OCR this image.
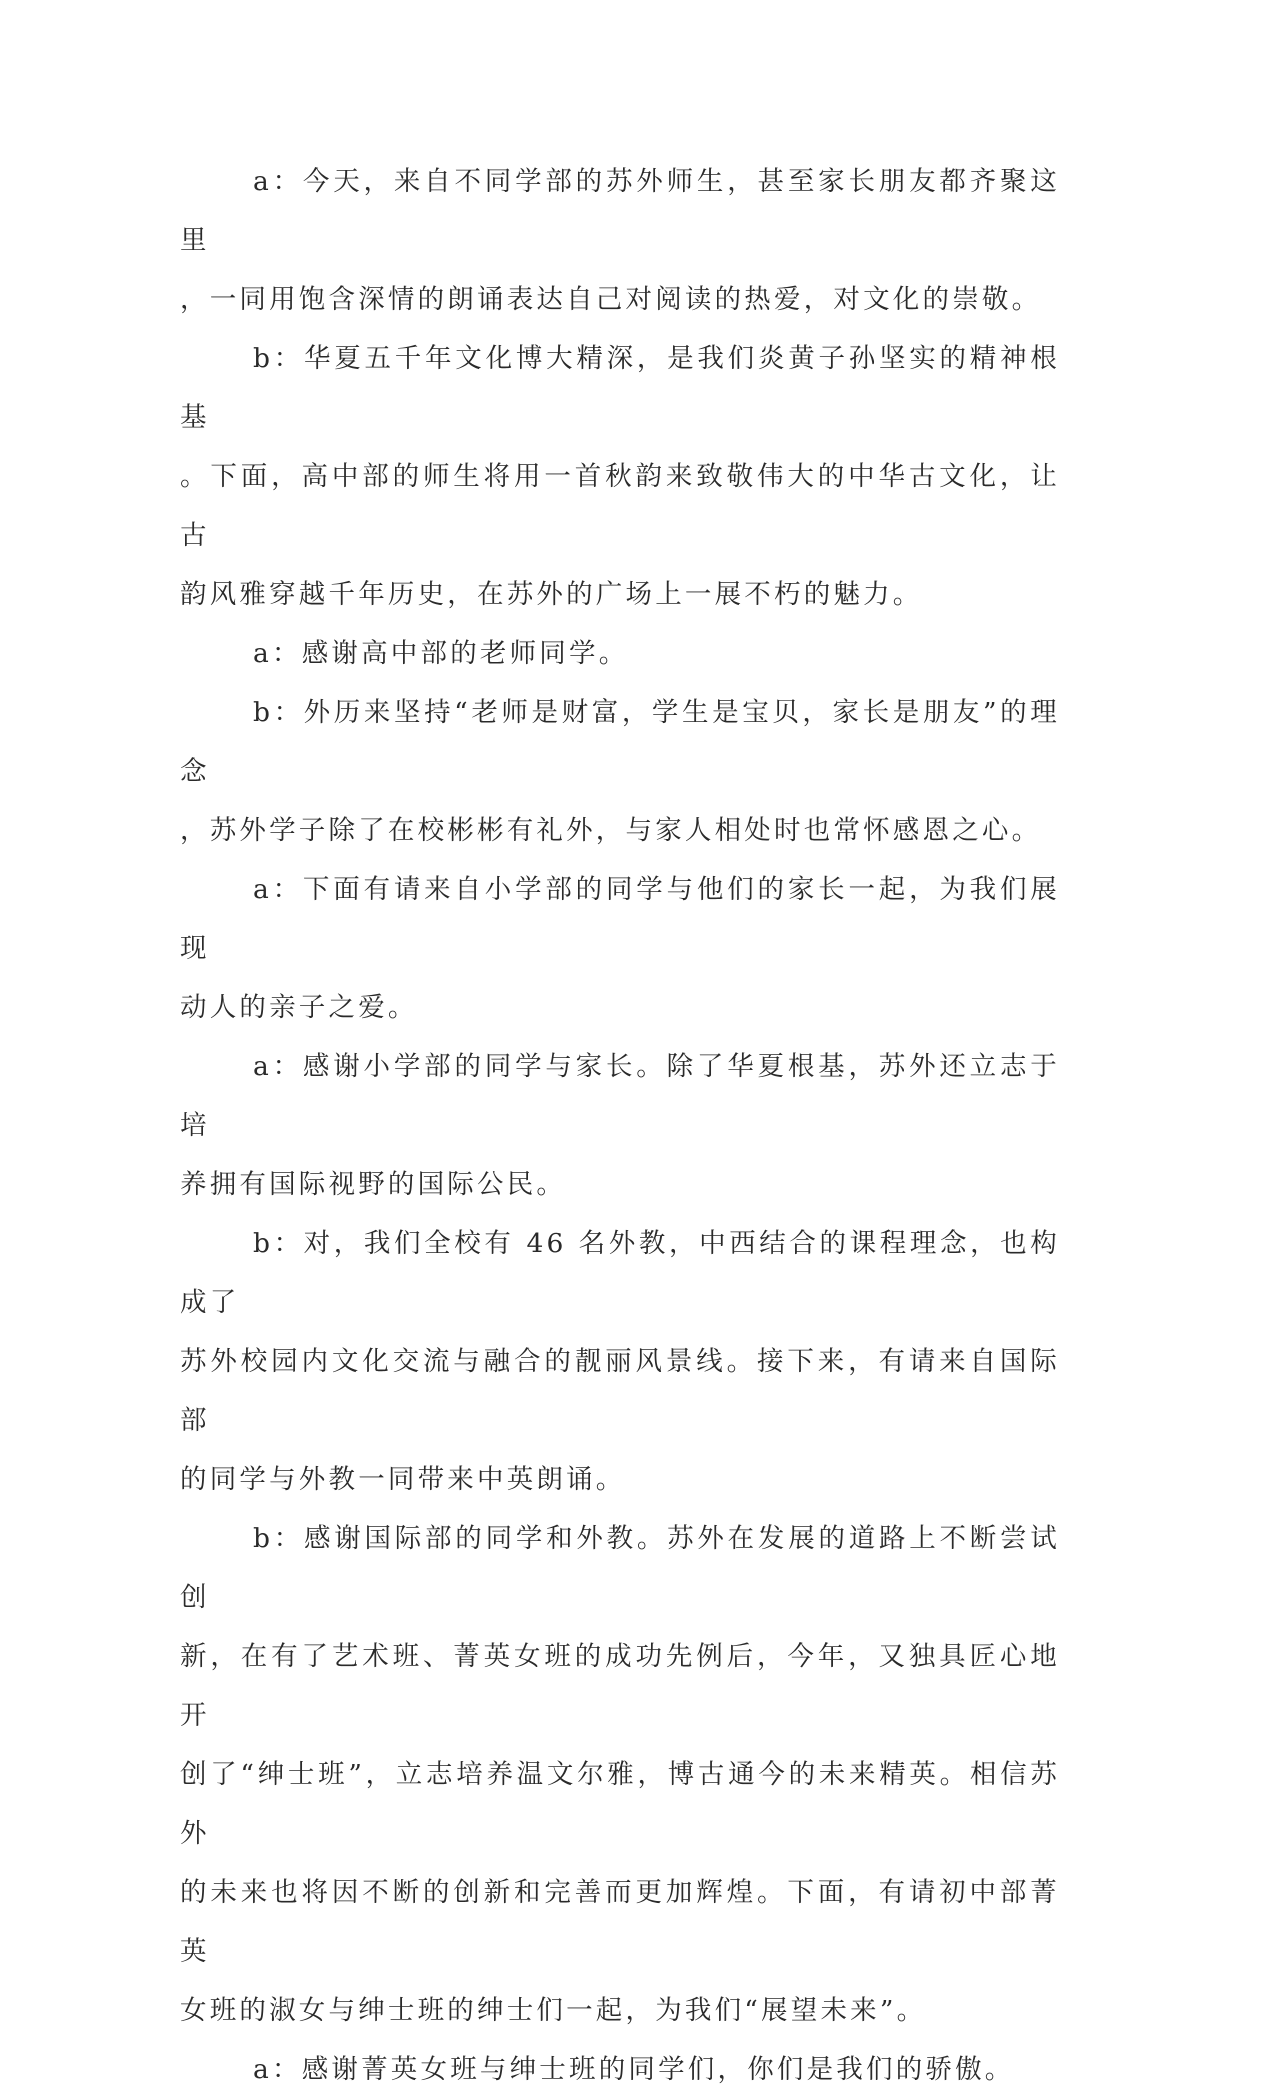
a：今天，来自不同学部的苏外师生，甚至家长朋友都齐聚这里
，一同用饱含深情的朗诵表达自己对阅读的热爱，对文化的崇敬。

b：华夏五千年文化博大精深，是我们炎黄子孙坚实的精神根基
。下面，高中部的师生将用一首秋韵来致敬伟大的中华古文化，让古
韵风雅穿越千年历史，在苏外的广场上一展不朽的魅力。

a：感谢高中部的老师同学。

b：外历来坚持“老师是财富，学生是宝贝，家长是朋友”的理念
，苏外学子除了在校彬彬有礼外，与家人相处时也常怀感恩之心。

a：下面有请来自小学部的同学与他们的家长一起，为我们展现
动人的亲子之爱。

a：感谢小学部的同学与家长。除了华夏根基，苏外还立志于培
养拥有国际视野的国际公民。

b：对，我们全校有 46 名外教，中西结合的课程理念，也构成了
苏外校园内文化交流与融合的靓丽风景线。接下来，有请来自国际部
的同学与外教一同带来中英朗诵。

b：感谢国际部的同学和外教。苏外在发展的道路上不断尝试创
新，在有了艺术班、菁英女班的成功先例后，今年，又独具匠心地开
创了“绅士班”，立志培养温文尔雅，博古通今的未来精英。相信苏外
的未来也将因不断的创新和完善而更加辉煌。下面，有请初中部菁英
女班的淑女与绅士班的绅士们一起，为我们“展望未来”。

a：感谢菁英女班与绅士班的同学们，你们是我们的骄傲。
